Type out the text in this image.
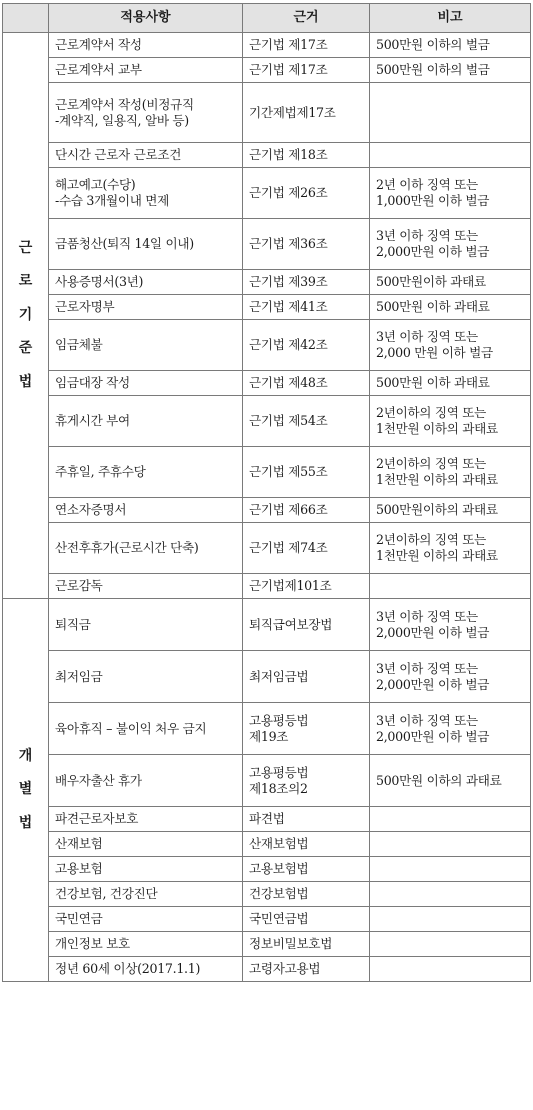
	적용사항	근거	비고
근로기준법	근로계약서 작성	근기법 제17조	500만원 이하의 벌금
	근로계약서 교부	근기법 제17조	500만원 이하의 벌금
	근로계약서 작성(비정규직
-계약직, 일용직, 알바 등)	기간제법제17조	
	단시간 근로자 근로조건	근기법 제18조	
	해고예고(수당)
-수습 3개월이내 면제	근기법 제26조	2년 이하 징역 또는
1,000만원 이하 벌금
	금품청산(퇴직 14일 이내)	근기법 제36조	3년 이하 징역 또는
2,000만원 이하 벌금
	사용증명서(3년)	근기법 제39조	500만원이하 과태료
	근로자명부	근기법 제41조	500만원 이하 과태료
	임금체불	근기법 제42조	3년 이하 징역 또는
2,000 만원 이하 벌금
	임금대장 작성	근기법 제48조	500만원 이하 과태료
	휴게시간 부여	근기법 제54조	2년이하의 징역 또는
1천만원 이하의 과태료
	주휴일, 주휴수당	근기법 제55조	2년이하의 징역 또는
1천만원 이하의 과태료
	연소자증명서	근기법 제66조	500만원이하의 과태료
	산전후휴가(근로시간 단축)	근기법 제74조	2년이하의 징역 또는
1천만원 이하의 과태료
	근로감독	근기법제101조	
개별법	퇴직금	퇴직급여보장법	3년 이하 징역 또는
2,000만원 이하 벌금
	최저임금	최저임금법	3년 이하 징역 또는
2,000만원 이하 벌금
	육아휴직 – 불이익 처우 금지	고용평등법
제19조	3년 이하 징역 또는
2,000만원 이하 벌금
	배우자출산 휴가	고용평등법
제18조의2	500만원 이하의 과태료
	파견근로자보호	파견법	
	산재보험	산재보험법	
	고용보험	고용보험법	
	건강보험, 건강진단	건강보험법	
	국민연금	국민연금법	
	개인정보 보호	정보비밀보호법	
	정년 60세 이상(2017.1.1)	고령자고용법	
